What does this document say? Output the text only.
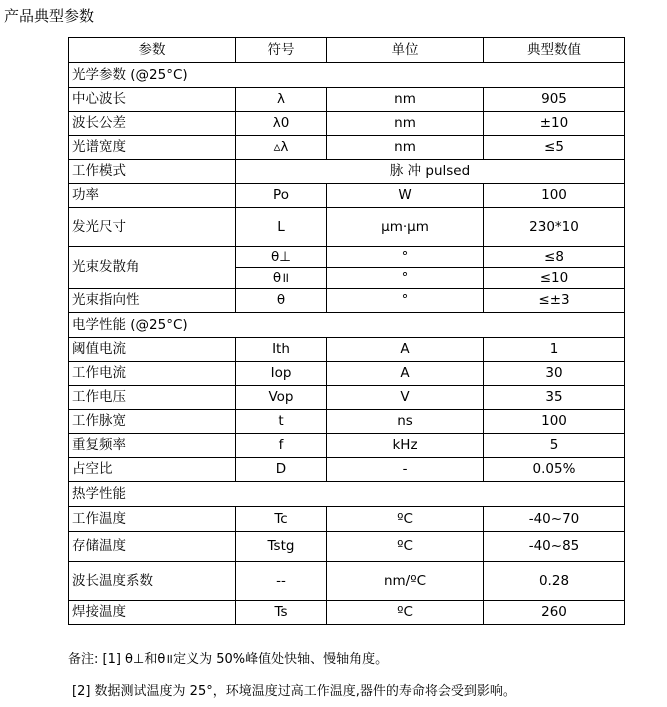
产品典型参数
参数	符号	单位	典型数值
光学参数 (@25°C)			
中心波长	λ	nm	905
波长公差	λ0	nm	±10
光谱宽度	▵λ	nm	≤5
工作模式	脉 冲 pulsed		
功率	Po	W	100
发光尺寸	L	μm·μm	230*10
光束发散角	θ⊥	°	≤8
	θ॥	°	≤10
光束指向性	θ	°	≤±3
电学性能 (@25°C)			
阈值电流	Ith	A	1
工作电流	Iop	A	30
工作电压	Vop	V	35
工作脉宽	t	ns	100
重复频率	f	kHz	5
占空比	D	-	0.05%
热学性能			
工作温度	Tc	ºC	-40~70
存储温度	Tstg	ºC	-40~85
波长温度系数	--	nm/ºC	0.28
焊接温度	Ts	ºC	260
备注: [1] θ⊥和θ॥定义为 50%峰值处快轴、慢轴角度。
[2] 数据测试温度为 25°，环境温度过高工作温度,器件的寿命将会受到影响。
